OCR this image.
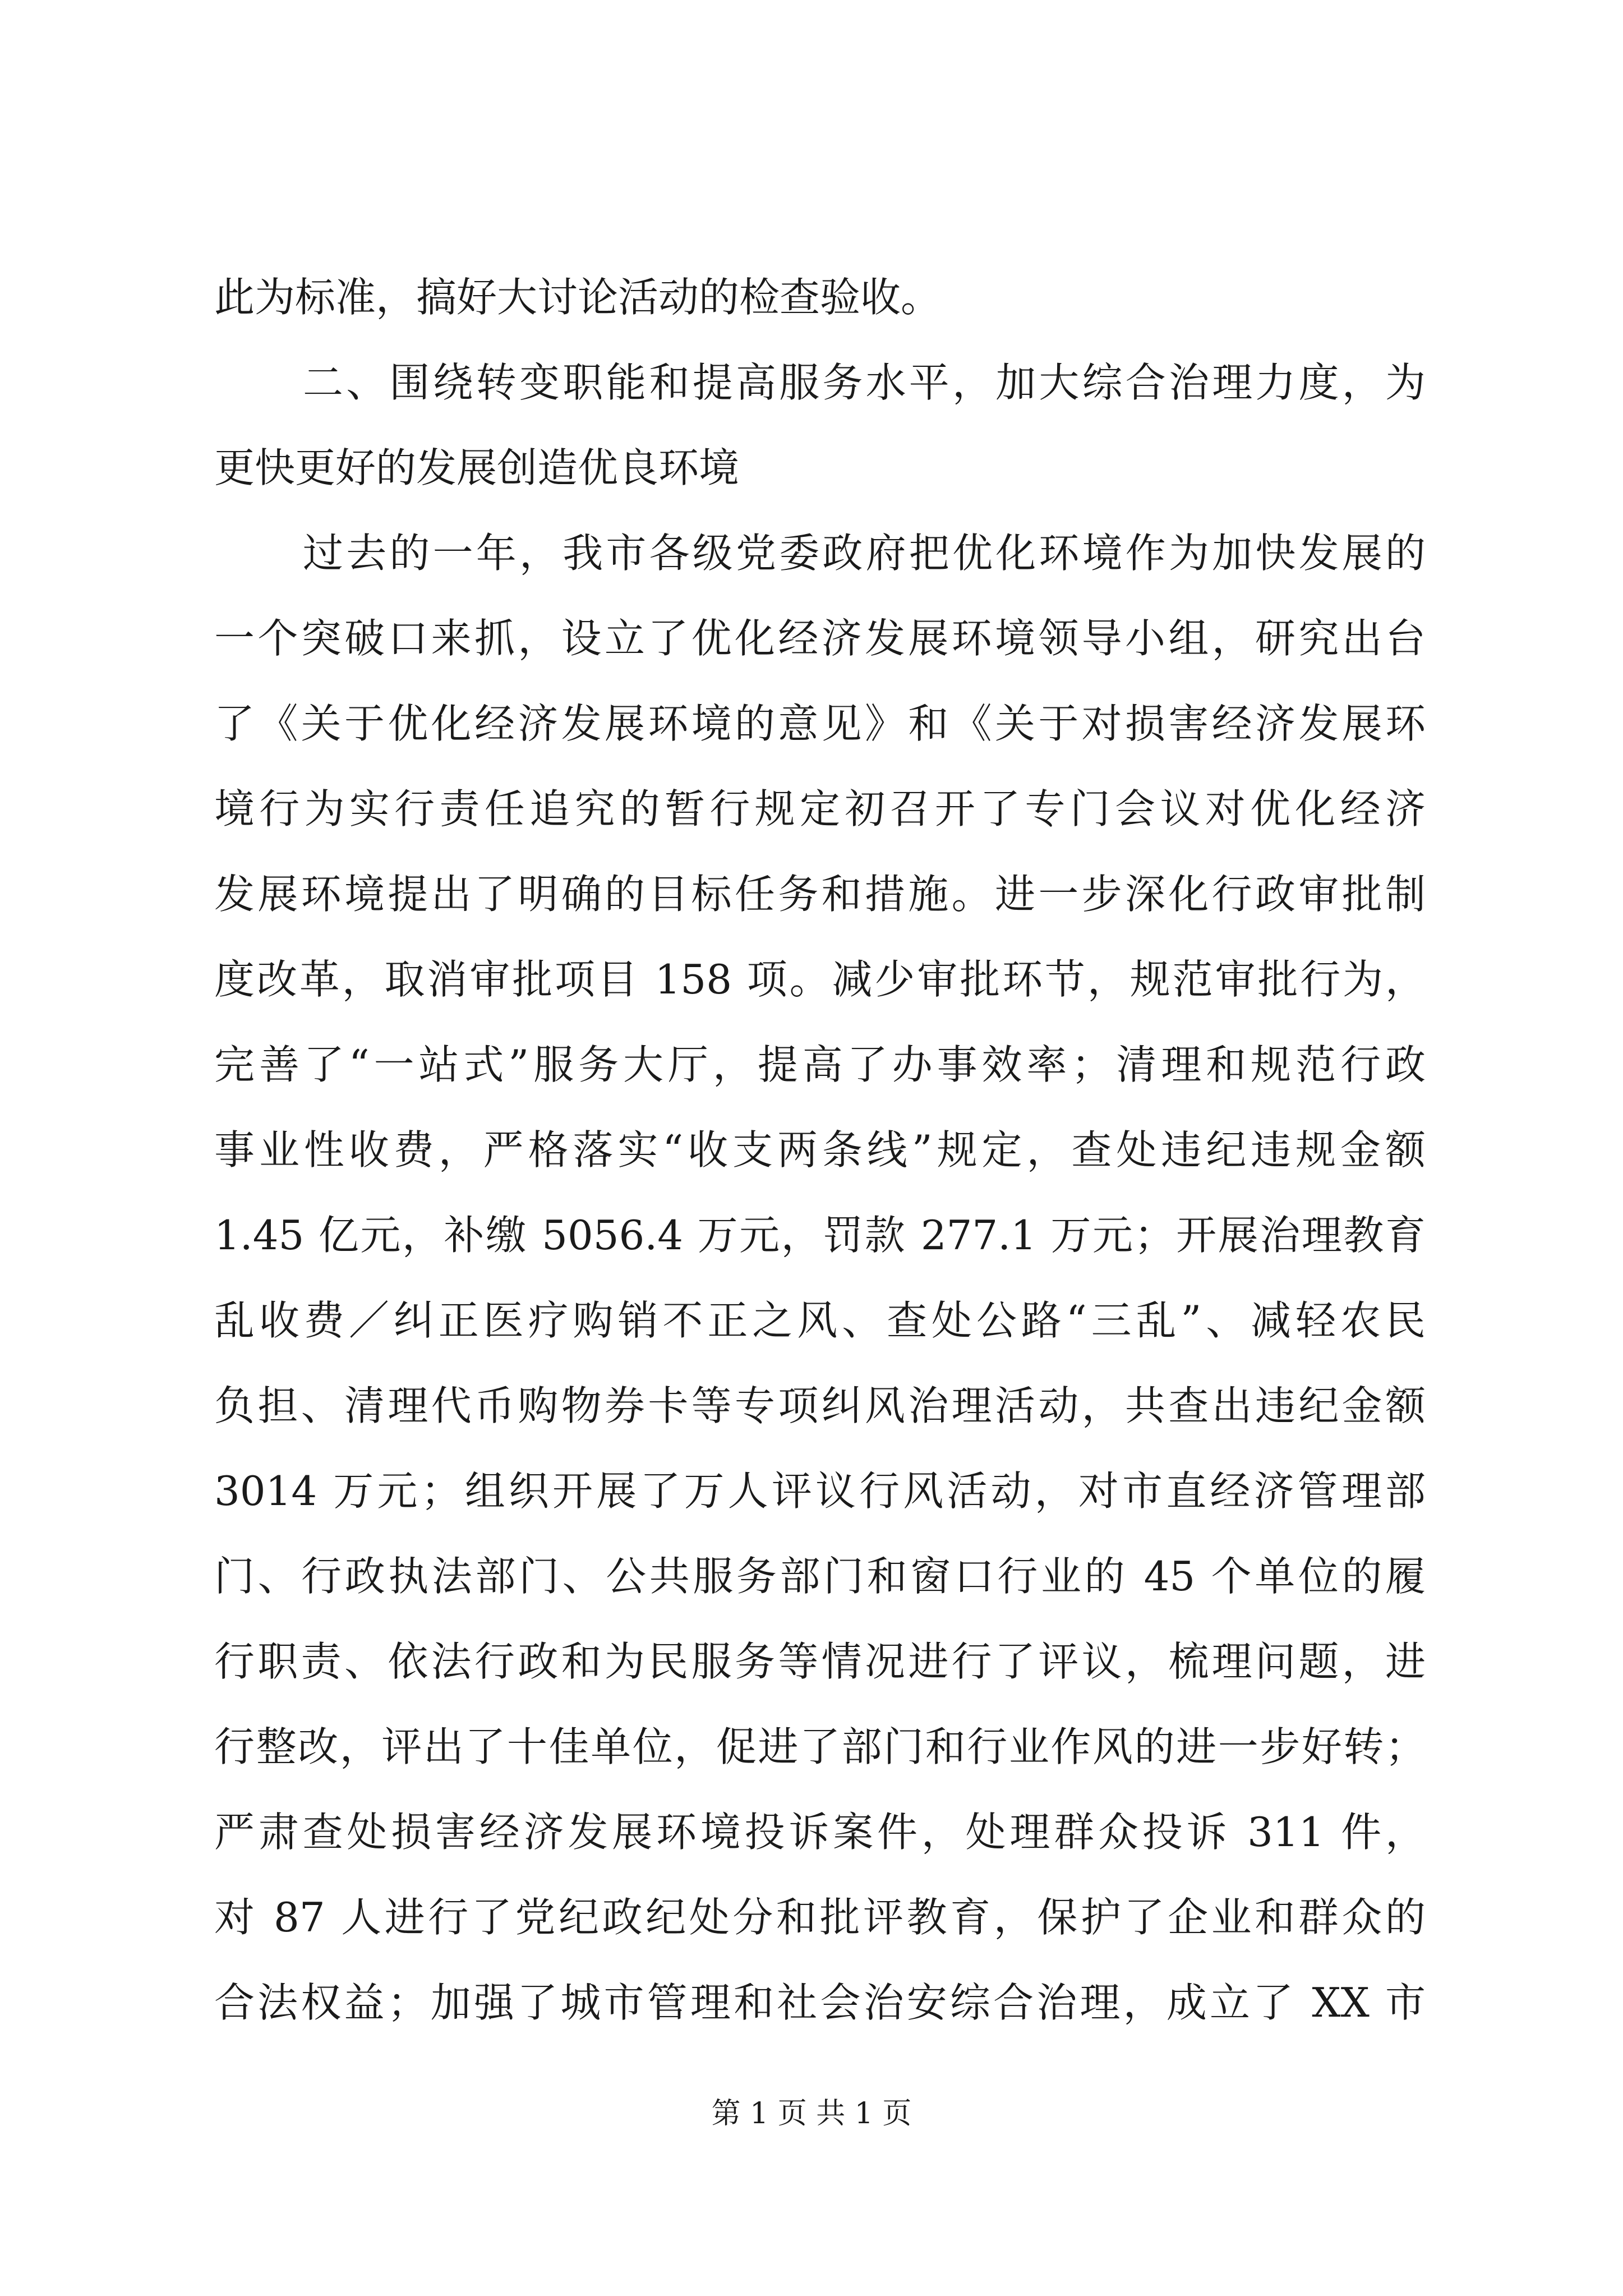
此为标准，搞好大讨论活动的检查验收。
二、围绕转变职能和提高服务水平，加大综合治理力度，为
更快更好的发展创造优良环境
过去的一年，我市各级党委政府把优化环境作为加快发展的
一个突破口来抓，设立了优化经济发展环境领导小组，研究出台
了《关于优化经济发展环境的意见》和《关于对损害经济发展环
境行为实行责任追究的暂行规定初召开了专门会议对优化经济
发展环境提出了明确的目标任务和措施。进一步深化行政审批制
度改革，取消审批项目 158 项。减少审批环节，规范审批行为，
完善了“一站式”服务大厅，提高了办事效率；清理和规范行政
事业性收费，严格落实“收支两条线”规定，查处违纪违规金额
1.45 亿元，补缴 5056.4 万元，罚款 277.1 万元；开展治理教育
乱收费／纠正医疗购销不正之风、查处公路“三乱”、减轻农民
负担、清理代币购物券卡等专项纠风治理活动，共查出违纪金额
3014 万元；组织开展了万人评议行风活动，对市直经济管理部
门、行政执法部门、公共服务部门和窗口行业的 45 个单位的履
行职责、依法行政和为民服务等情况进行了评议，梳理问题，进
行整改，评出了十佳单位，促进了部门和行业作风的进一步好转；
严肃查处损害经济发展环境投诉案件，处理群众投诉 311 件，
对 87 人进行了党纪政纪处分和批评教育，保护了企业和群众的
合法权益；加强了城市管理和社会治安综合治理，成立了 XX 市
第 1 页 共 1 页
